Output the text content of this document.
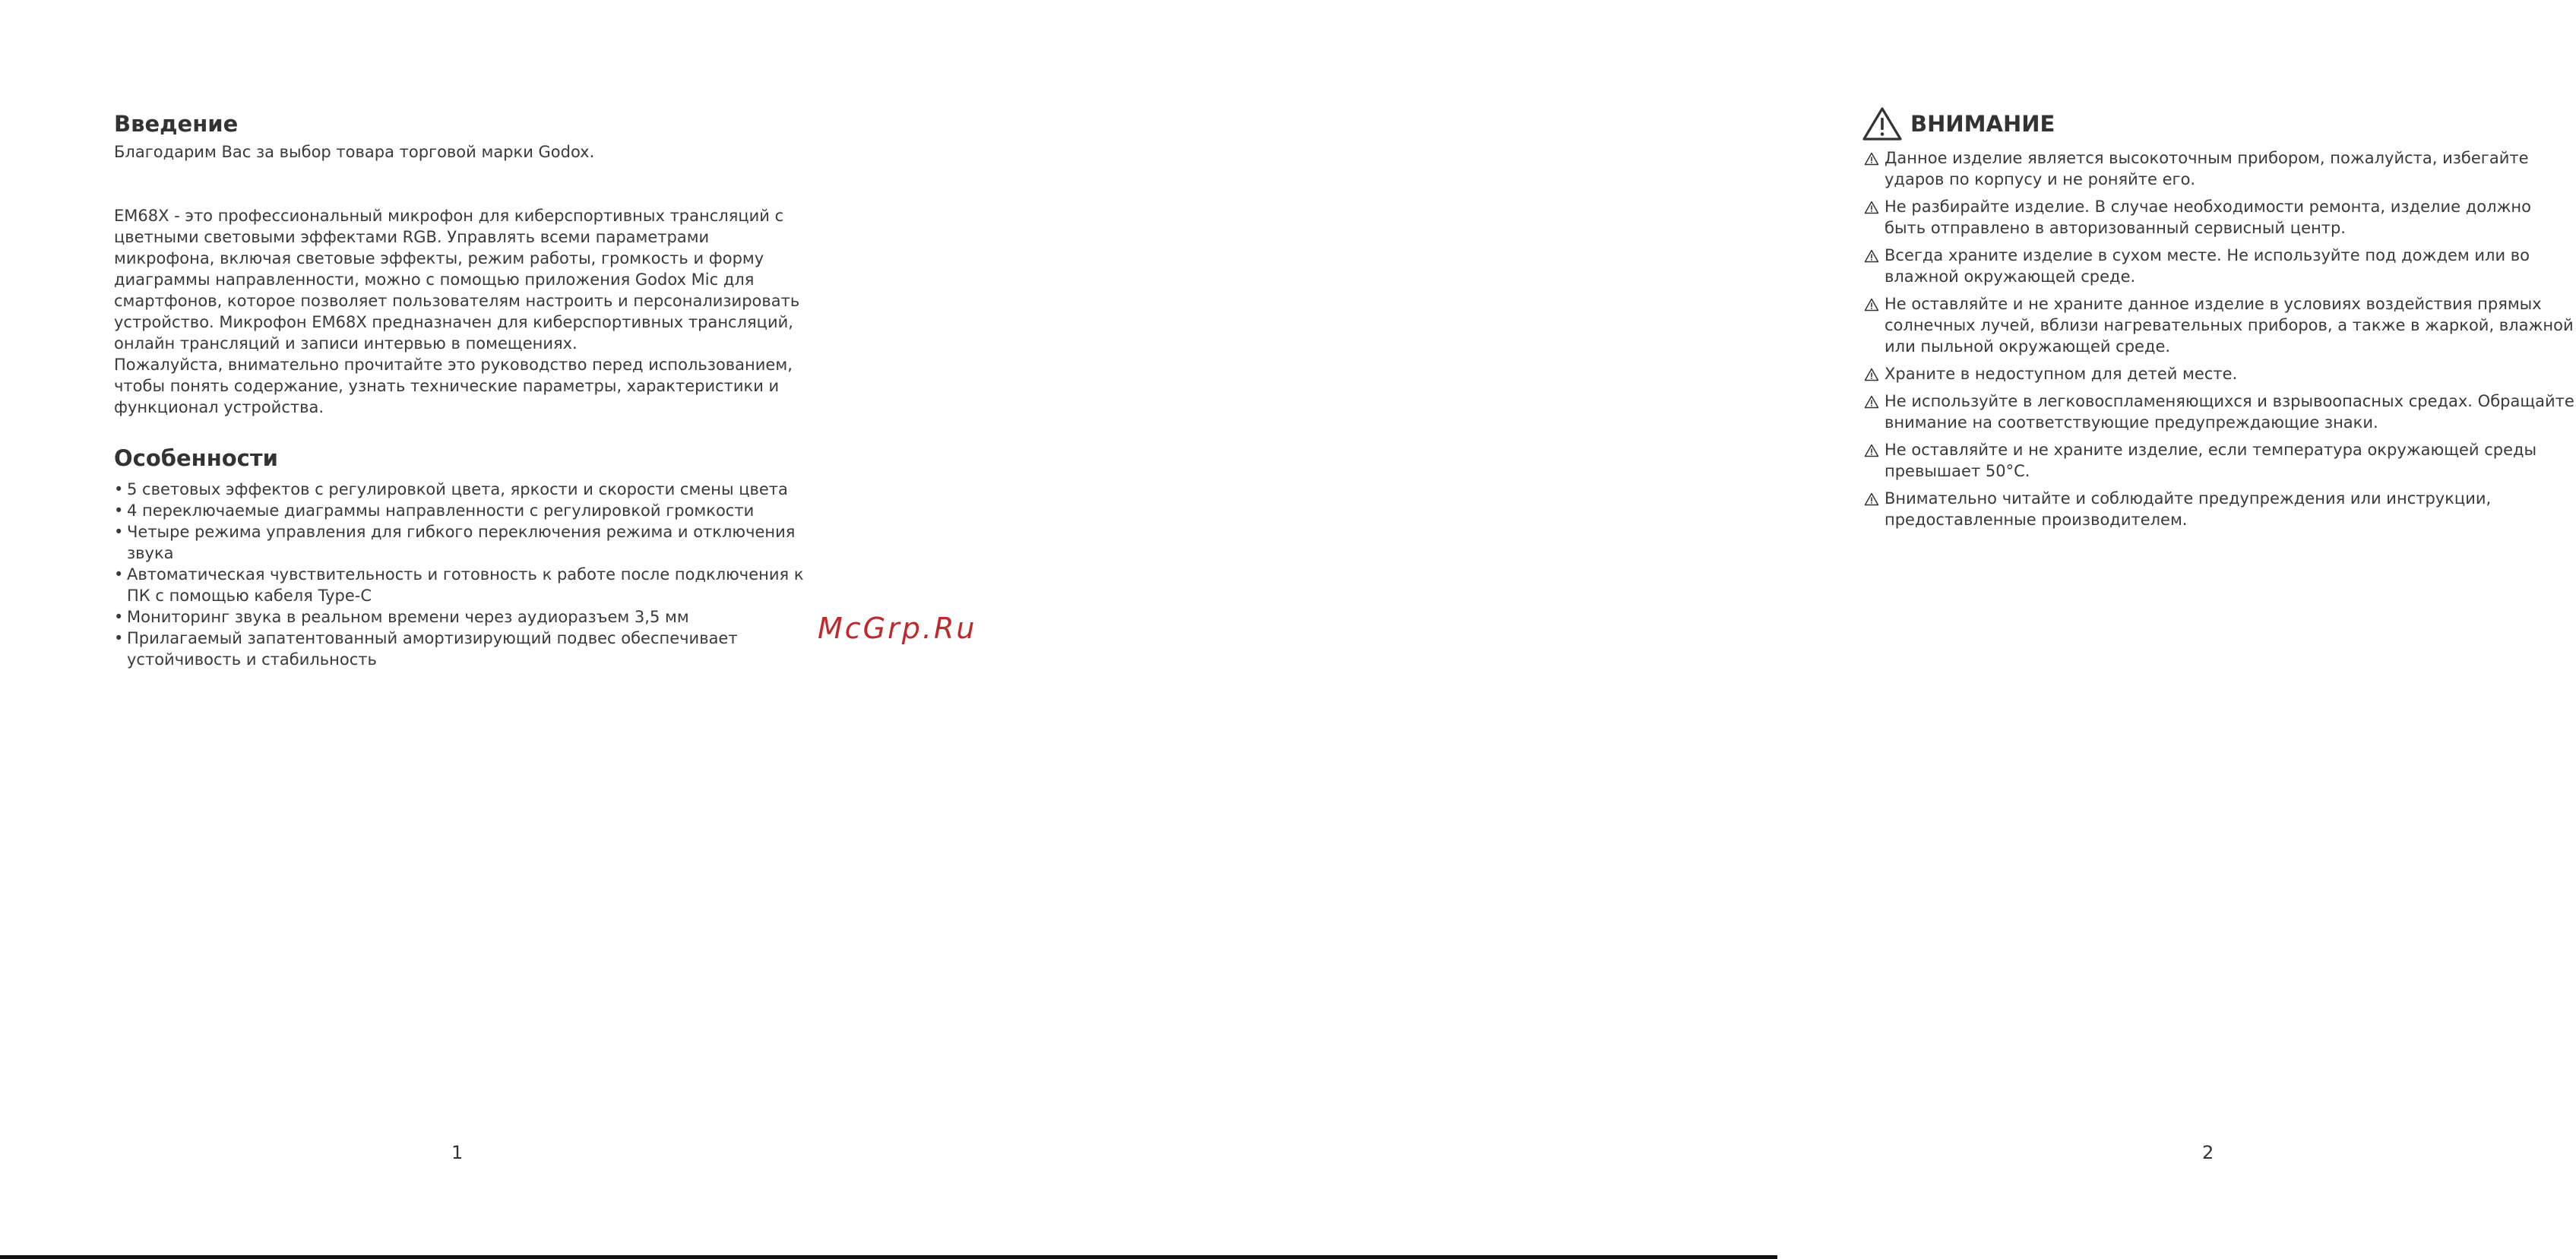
Введение

Благодарим Вас за выбор товара торговой марки Godox.

EM68X - это профессиональный микрофон для киберспортивных трансляций с цветными световыми эффектами RGB. Управлять всеми параметрами микрофона, включая световые эффекты, режим работы, громкость и форму диаграммы направленности, можно с помощью приложения Godox Mic для смартфонов, которое позволяет пользователям настроить и персонализировать устройство. Микрофон EM68X предназначен для киберспортивных трансляций, онлайн трансляций и записи интервью в помещениях.

Пожалуйста, внимательно прочитайте это руководство перед использованием, чтобы понять содержание, узнать технические параметры, характеристики и функционал устройства.

Особенности
• 5 световых эффектов с регулировкой цвета, яркости и скорости смены цвета
• 4 переключаемые диаграммы направленности с регулировкой громкости
• Четыре режима управления для гибкого переключения режима и отключения звука
• Автоматическая чувствительность и готовность к работе после подключения к ПК с помощью кабеля Type-C
• Мониторинг звука в реальном времени через аудиоразъем 3,5 мм
• Прилагаемый запатентованный амортизирующий подвес обеспечивает устойчивость и стабильность
1
ВНИМАНИЕ
Данное изделие является высокоточным прибором, пожалуйста, избегайте ударов по корпусу и не роняйте его.
Не разбирайте изделие. В случае необходимости ремонта, изделие должно быть отправлено в авторизованный сервисный центр.
Всегда храните изделие в сухом месте. Не используйте под дождем или во влажной окружающей среде.
Не оставляйте и не храните данное изделие в условиях воздействия прямых солнечных лучей, вблизи нагревательных приборов, а также в жаркой, влажной или пыльной окружающей среде.
Храните в недоступном для детей месте.
Не используйте в легковоспламеняющихся и взрывоопасных средах. Обращайте внимание на соответствующие предупреждающие знаки.
Не оставляйте и не храните изделие, если температура окружающей среды превышает 50°C.
Внимательно читайте и соблюдайте предупреждения или инструкции, предоставленные производителем.
2
McGrp.Ru
